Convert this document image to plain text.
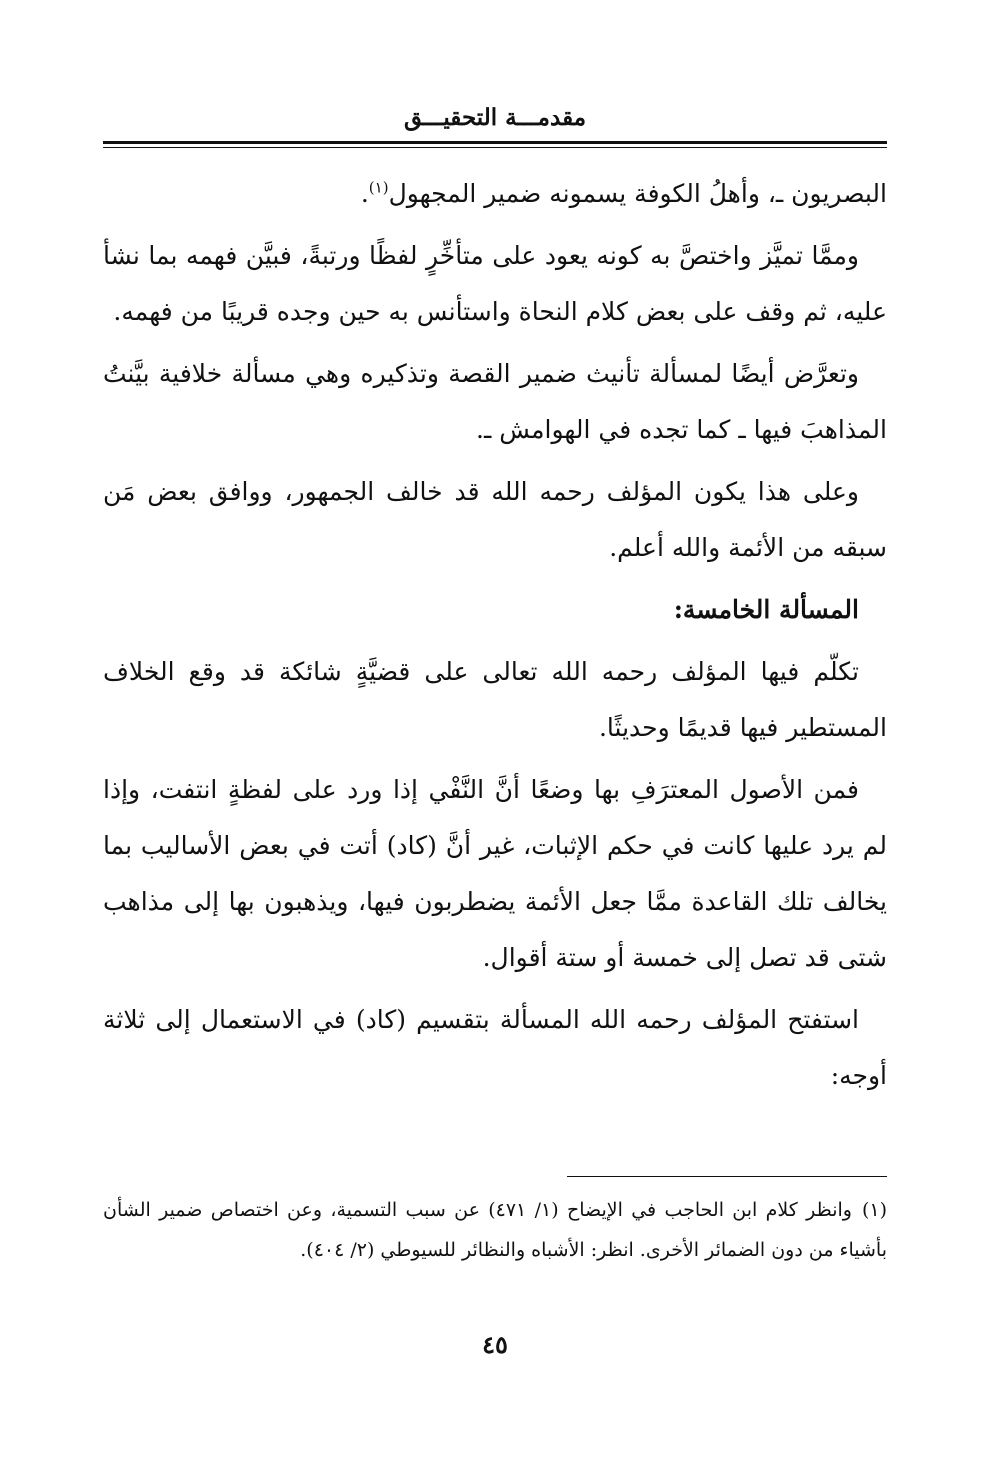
مقدمـــة التحقيـــق

البصريون ـ، وأهلُ الكوفة يسمونه ضمير المجهول$^{(١)}$.

وممَّا تميَّز واختصَّ به كونه يعود على متأخِّرٍ لفظًا ورتبةً، فبيَّن فهمه بما نشأ عليه، ثم وقف على بعض كلام النحاة واستأنس به حين وجده قريبًا من فهمه.

وتعرَّض أيضًا لمسألة تأنيث ضمير القصة وتذكيره وهي مسألة خلافية بيَّنتُ المذاهبَ فيها ـ كما تجده في الهوامش ـ.

وعلى هذا يكون المؤلف رحمه الله قد خالف الجمهور، ووافق بعض مَن سبقه من الأئمة والله أعلم.

المسألة الخامسة:

تكلّم فيها المؤلف رحمه الله تعالى على قضيَّةٍ شائكة قد وقع الخلاف المستطير فيها قديمًا وحديثًا.

فمن الأصول المعترَفِ بها وضعًا أنَّ النَّفْي إذا ورد على لفظةٍ انتفت، وإذا لم يرد عليها كانت في حكم الإثبات، غير أنَّ (كاد) أتت في بعض الأساليب بما يخالف تلك القاعدة ممَّا جعل الأئمة يضطربون فيها، ويذهبون بها إلى مذاهب شتى قد تصل إلى خمسة أو ستة أقوال.

استفتح المؤلف رحمه الله المسألة بتقسيم (كاد) في الاستعمال إلى ثلاثة أوجه:

(١)وانظر كلام ابن الحاجب في الإيضاح (١/ ٤٧١) عن سبب التسمية، وعن اختصاص ضمير الشأن بأشياء من دون الضمائر الأخرى. انظر: الأشباه والنظائر للسيوطي (٢/ ٤٠٤).

٤٥
